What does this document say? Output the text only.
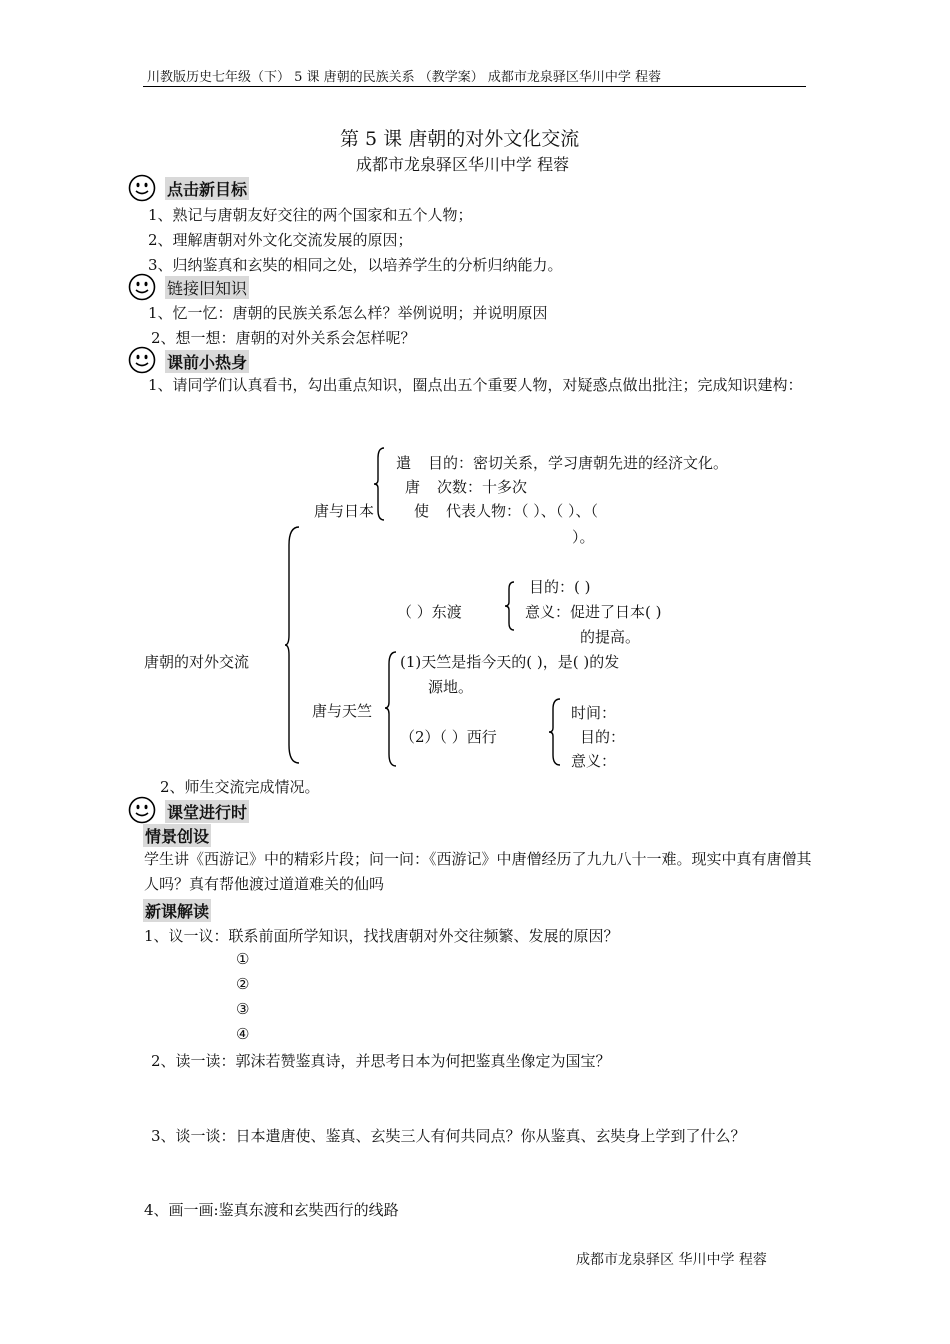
川教版历史七年级（下） 5 课 唐朝的民族关系 （教学案） 成都市龙泉驿区华川中学 程蓉
第 5 课 唐朝的对外文化交流
成都市龙泉驿区华川中学 程蓉
点击新目标
1、熟记与唐朝友好交往的两个国家和五个人物；
2、理解唐朝对外文化交流发展的原因；
3、归纳鉴真和玄奘的相同之处，以培养学生的分析归纳能力。
链接旧知识
1、忆一忆：唐朝的民族关系怎么样？举例说明；并说明原因
2、想一想：唐朝的对外关系会怎样呢？
课前小热身
1、请同学们认真看书，勾出重点知识，圈点出五个重要人物，对疑惑点做出批注；完成知识建构：
唐朝的对外交流
唐与日本
遣
唐
使
目的：密切关系，学习唐朝先进的经济文化。
次数：十多次
代表人物：（ ）、（ ）、（
）。
目的：( )
（ ）东渡	意义：促进了日本( )
的提高。
(1)天竺是指今天的( )，是( )的发
源地。
唐与天竺	时间：
（2）（ ）西行	目的：
意义：
2、师生交流完成情况。
课堂进行时
情景创设
学生讲《西游记》中的精彩片段；问一问：《西游记》中唐僧经历了九九八十一难。现实中真有唐僧其人吗？真有帮他渡过道道难关的仙吗
新课解读
1、议一议：联系前面所学知识，找找唐朝对外交往频繁、发展的原因？
①
②
③
④
2、读一读：郭沫若赞鉴真诗，并思考日本为何把鉴真坐像定为国宝？
3、谈一谈：日本遣唐使、鉴真、玄奘三人有何共同点？你从鉴真、玄奘身上学到了什么？
4、画一画:鉴真东渡和玄奘西行的线路
成都市龙泉驿区 华川中学 程蓉
